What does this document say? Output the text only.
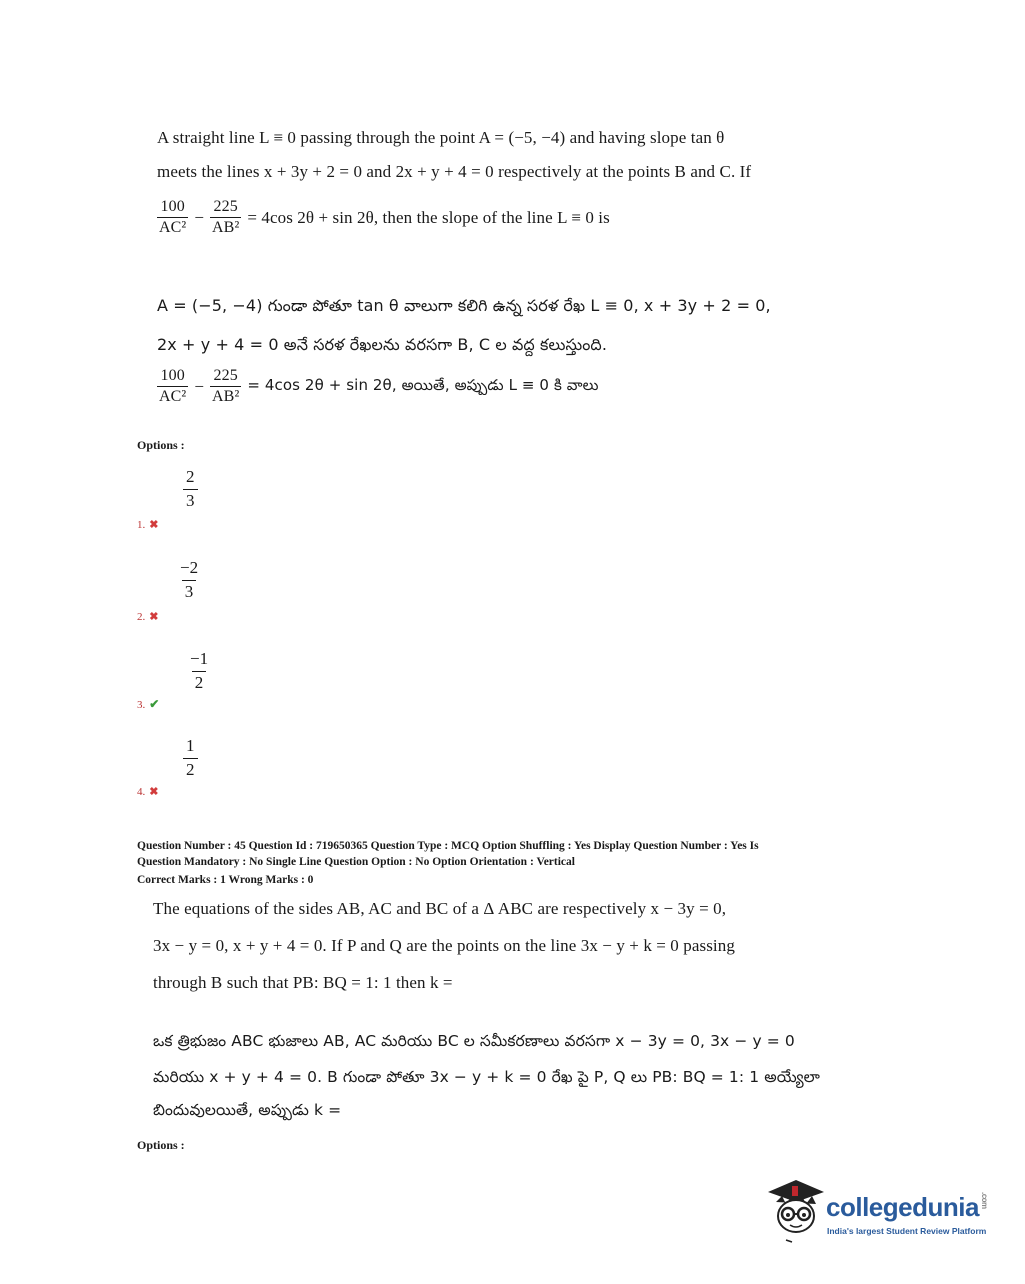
A straight line L ≡ 0 passing through the point A = (−5, −4) and having slope tan θ
meets the lines x + 3y + 2 = 0 and 2x + y + 4 = 0 respectively at the points B and C. If
$\frac{100}{\text{AC²}} - \frac{225}{\text{AB²}} = 4\cos$ 2θ + sin 2θ, then the slope of the line L ≡ 0 is
A = (−5, −4) గుండా పోతూ tan θ వాలుగా కలిగి ఉన్న సరళ రేఖ L ≡ 0, x + 3y + 2 = 0,
2x + y + 4 = 0 అనే సరళ రేఖలను వరసగా B, C ల వద్ద కలుస్తుంది.
$\frac{100}{\text{AC²}} - \frac{225}{\text{AB²}} = 4\cos$ 2θ + sin 2θ, అయితే, అప్పుడు L ≡ 0 కి వాలు
Options :
$\frac{2}{3}$
1. ✖
$\frac{-2}{3}$
2. ✖
$\frac{-1}{2}$
3. ✔
$\frac{1}{2}$
4. ✖
Question Number : 45 Question Id : 719650365 Question Type : MCQ Option Shuffling : Yes Display Question Number : Yes Is
Question Mandatory : No Single Line Question Option : No Option Orientation : Vertical
Correct Marks : 1 Wrong Marks : 0
The equations of the sides AB, AC and BC of a Δ ABC are respectively x − 3y = 0,
3x − y = 0, x + y + 4 = 0. If P and Q are the points on the line 3x − y + k = 0 passing
through B such that PB: BQ = 1: 1 then k =
ఒక త్రిభుజం ABC భుజాలు AB, AC మరియు BC ల సమీకరణాలు వరసగా x − 3y = 0, 3x − y = 0
మరియు x + y + 4 = 0. B గుండా పోతూ 3x − y + k = 0 రేఖ పై P, Q లు PB: BQ = 1: 1 అయ్యేలా
బిందువులయితే, అప్పుడు k =
Options :
collegedunia.com
India's largest Student Review Platform
